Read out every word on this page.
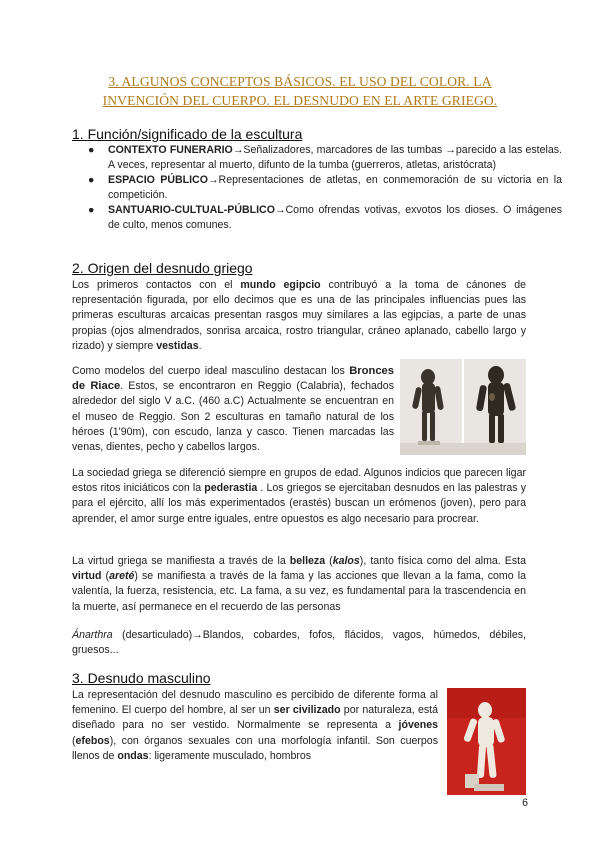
3. ALGUNOS CONCEPTOS BÁSICOS. EL USO DEL COLOR. LA INVENCIÓN DEL CUERPO. EL DESNUDO EN EL ARTE GRIEGO.
1. Función/significado de la escultura
● CONTEXTO FUNERARIO→Señalizadores, marcadores de las tumbas →parecido a las estelas. A veces, representar al muerto, difunto de la tumba (guerreros, atletas, aristócrata)
● ESPACIO PÚBLICO→Representaciones de atletas, en conmemoración de su victoria en la competición.
● SANTUARIO-CULTUAL-PÚBLICO→Como ofrendas votivas, exvotos los dioses. O imágenes de culto, menos comunes.
2. Origen del desnudo griego

Los primeros contactos con el mundo egipcio contribuyó a la toma de cánones de representación figurada, por ello decimos que es una de las principales influencias pues las primeras esculturas arcaicas presentan rasgos muy similares a las egipcias, a parte de unas propias (ojos almendrados, sonrisa arcaica, rostro triangular, cráneo aplanado, cabello largo y rizado) y siempre vestidas.

Como modelos del cuerpo ideal masculino destacan los Bronces de Riace. Estos, se encontraron en Reggio (Calabria), fechados alrededor del siglo V a.C. (460 a.C) Actualmente se encuentran en el museo de Reggio. Son 2 esculturas en tamaño natural de los héroes (1'90m), con escudo, lanza y casco. Tienen marcadas las venas, dientes, pecho y cabellos largos.

La sociedad griega se diferenció siempre en grupos de edad. Algunos indicios que parecen ligar estos ritos iniciáticos con la pederastia . Los griegos se ejercitaban desnudos en las palestras y para el ejército, allí los más experimentados (erastés) buscan un erómenos (joven), pero para aprender, el amor surge entre iguales, entre opuestos es algo necesario para procrear.

La virtud griega se manifiesta a través de la belleza (kalos), tanto física como del alma. Esta virtud (areté) se manifiesta a través de la fama y las acciones que llevan a la fama, como la valentía, la fuerza, resistencia, etc. La fama, a su vez, es fundamental para la trascendencia en la muerte, así permanece en el recuerdo de las personas

Ánarthra (desarticulado)→Blandos, cobardes, fofos, flácidos, vagos, húmedos, débiles, gruesos...

3. Desnudo masculino

La representación del desnudo masculino es percibido de diferente forma al femenino. El cuerpo del hombre, al ser un ser civilizado por naturaleza, está diseñado para no ser vestido. Normalmente se representa a jóvenes (efebos), con órganos sexuales con una morfología infantil. Son cuerpos llenos de ondas: ligeramente musculado, hombros

6
